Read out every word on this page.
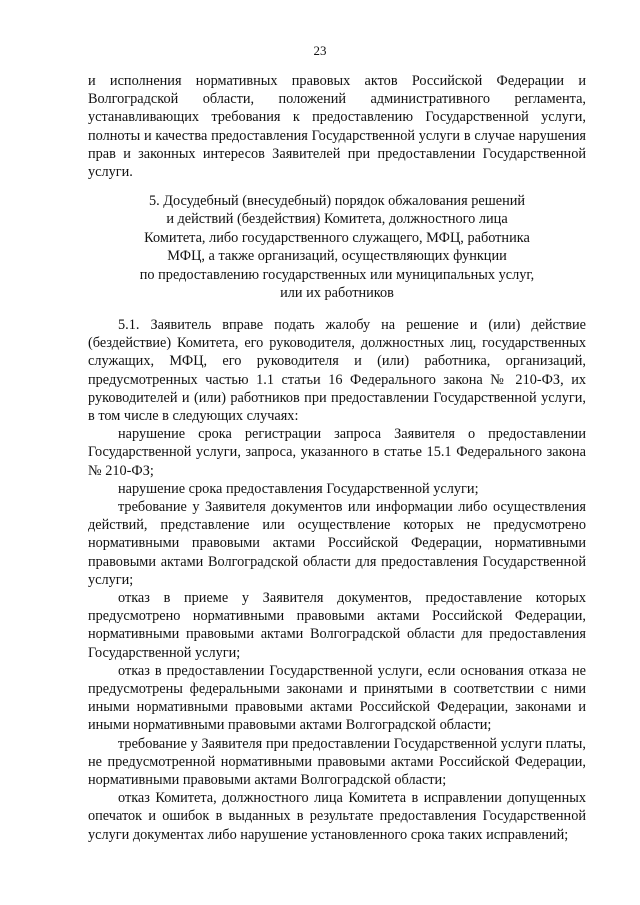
23

и исполнения нормативных правовых актов Российской Федерации и Волгоградской области, положений административного регламента, устанавливающих требования к предоставлению Государственной услуги, полноты и качества предоставления Государственной услуги в случае нарушения прав и законных интересов Заявителей при предоставлении Государственной услуги.

5. Досудебный (внесудебный) порядок обжалования решений
и действий (бездействия) Комитета, должностного лица
Комитета, либо государственного служащего, МФЦ, работника
МФЦ, а также организаций, осуществляющих функции
по предоставлению государственных или муниципальных услуг,
или их работников

5.1. Заявитель вправе подать жалобу на решение и (или) действие (бездействие) Комитета, его руководителя, должностных лиц, государственных служащих, МФЦ, его руководителя и (или) работника, организаций, предусмотренных частью 1.1 статьи 16 Федерального закона № 210-ФЗ, их руководителей и (или) работников при предоставлении Государственной услуги, в том числе в следующих случаях:

нарушение срока регистрации запроса Заявителя о предоставлении Государственной услуги, запроса, указанного в статье 15.1 Федерального закона № 210-ФЗ;

нарушение срока предоставления Государственной услуги;

требование у Заявителя документов или информации либо осуществления действий, представление или осуществление которых не предусмотрено нормативными правовыми актами Российской Федерации, нормативными правовыми актами Волгоградской области для предоставления Государственной услуги;

отказ в приеме у Заявителя документов, предоставление которых предусмотрено нормативными правовыми актами Российской Федерации, нормативными правовыми актами Волгоградской области для предоставления Государственной услуги;

отказ в предоставлении Государственной услуги, если основания отказа не предусмотрены федеральными законами и принятыми в соответствии с ними иными нормативными правовыми актами Российской Федерации, законами и иными нормативными правовыми актами Волгоградской области;

требование у Заявителя при предоставлении Государственной услуги платы, не предусмотренной нормативными правовыми актами Российской Федерации, нормативными правовыми актами Волгоградской области;

отказ Комитета, должностного лица Комитета в исправлении допущенных опечаток и ошибок в выданных в результате предоставления Государственной услуги документах либо нарушение установленного срока таких исправлений;
